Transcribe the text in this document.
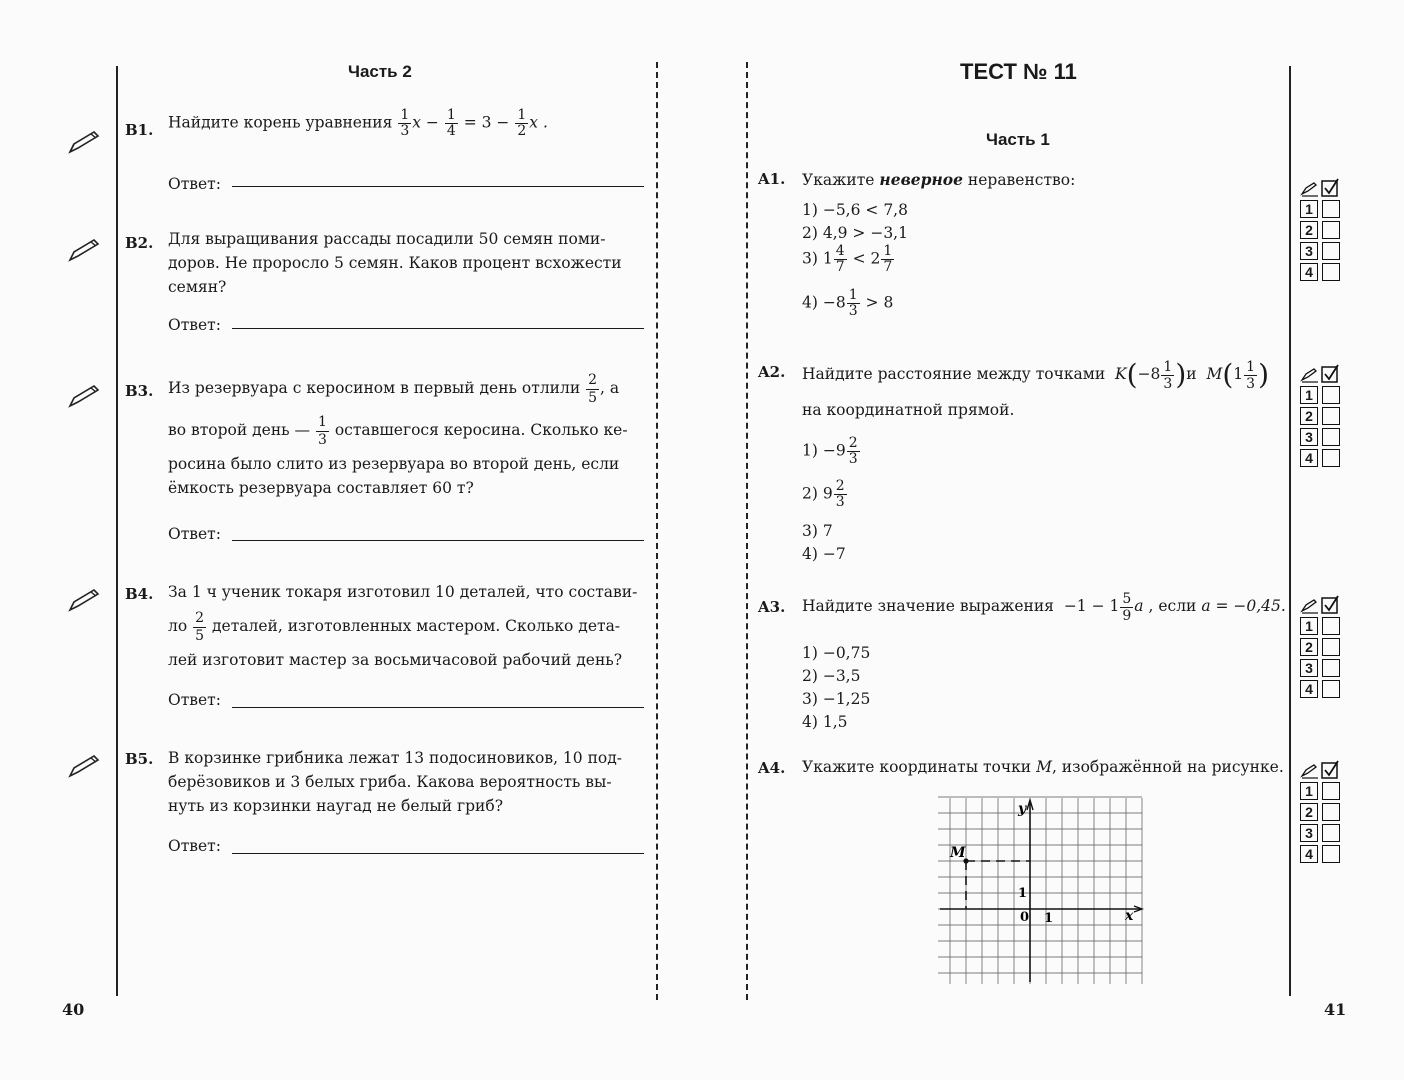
Часть 2
B1. Найдите корень уравнения $\frac{1}{3}$ $x - \frac{1}{4} = 3 - \frac{1}{2}$ x .
Ответ:
B2. Для выращивания рассады посадили 50 семян поми-
доров. Не проросло 5 семян. Каков процент всхожести
семян?
Ответ:
B3. Из резервуара с керосином в первый день отлили $\frac{2}{5}$ , а
во второй день — $\frac{1}{3}$ оставшегося керосина. Сколько ке-
росина было слито из резервуара во второй день, если
ёмкость резервуара составляет 60 т?
Ответ:
B4. За 1 ч ученик токаря изготовил 10 деталей, что состави-
ло $\frac{2}{5}$ деталей, изготовленных мастером. Сколько дета-
лей изготовит мастер за восьмичасовой рабочий день?
Ответ:
B5. В корзинке грибника лежат 13 подосиновиков, 10 под-
берёзовиков и 3 белых гриба. Какова вероятность вы-
нуть из корзинки наугад не белый гриб?
Ответ:
40
ТЕСТ № 11
Часть 1
A1. Укажите неверное неравенство:
1) −5,6 < 7,8
2) 4,9 > −3,1
3) $1 \frac{4}{7} < 2 \frac{1}{7}$
$4) -8 \frac{1}{3} > 8$
A2. Найдите расстояние между точками $K(-8 \frac{1}{3} )и$ $M(1 \frac{1}{3}$ )
на координатной прямой.
$1) -9 \frac{2}{3}$
2) $9 \frac{2}{3}$
3) 7
4) −7
A3. Найдите значение выражения $-1 - 1 \frac{5}{9}$ a , если a = −0,45.
1) −0,75
2) −3,5
3) −1,25
4) 1,5
A4. Укажите координаты точки M, изображённой на рисунке.
M
y
x
0 1
1
1
2
3
4
1
2
3
4
1
2
3
4
1
2
3
4
41
